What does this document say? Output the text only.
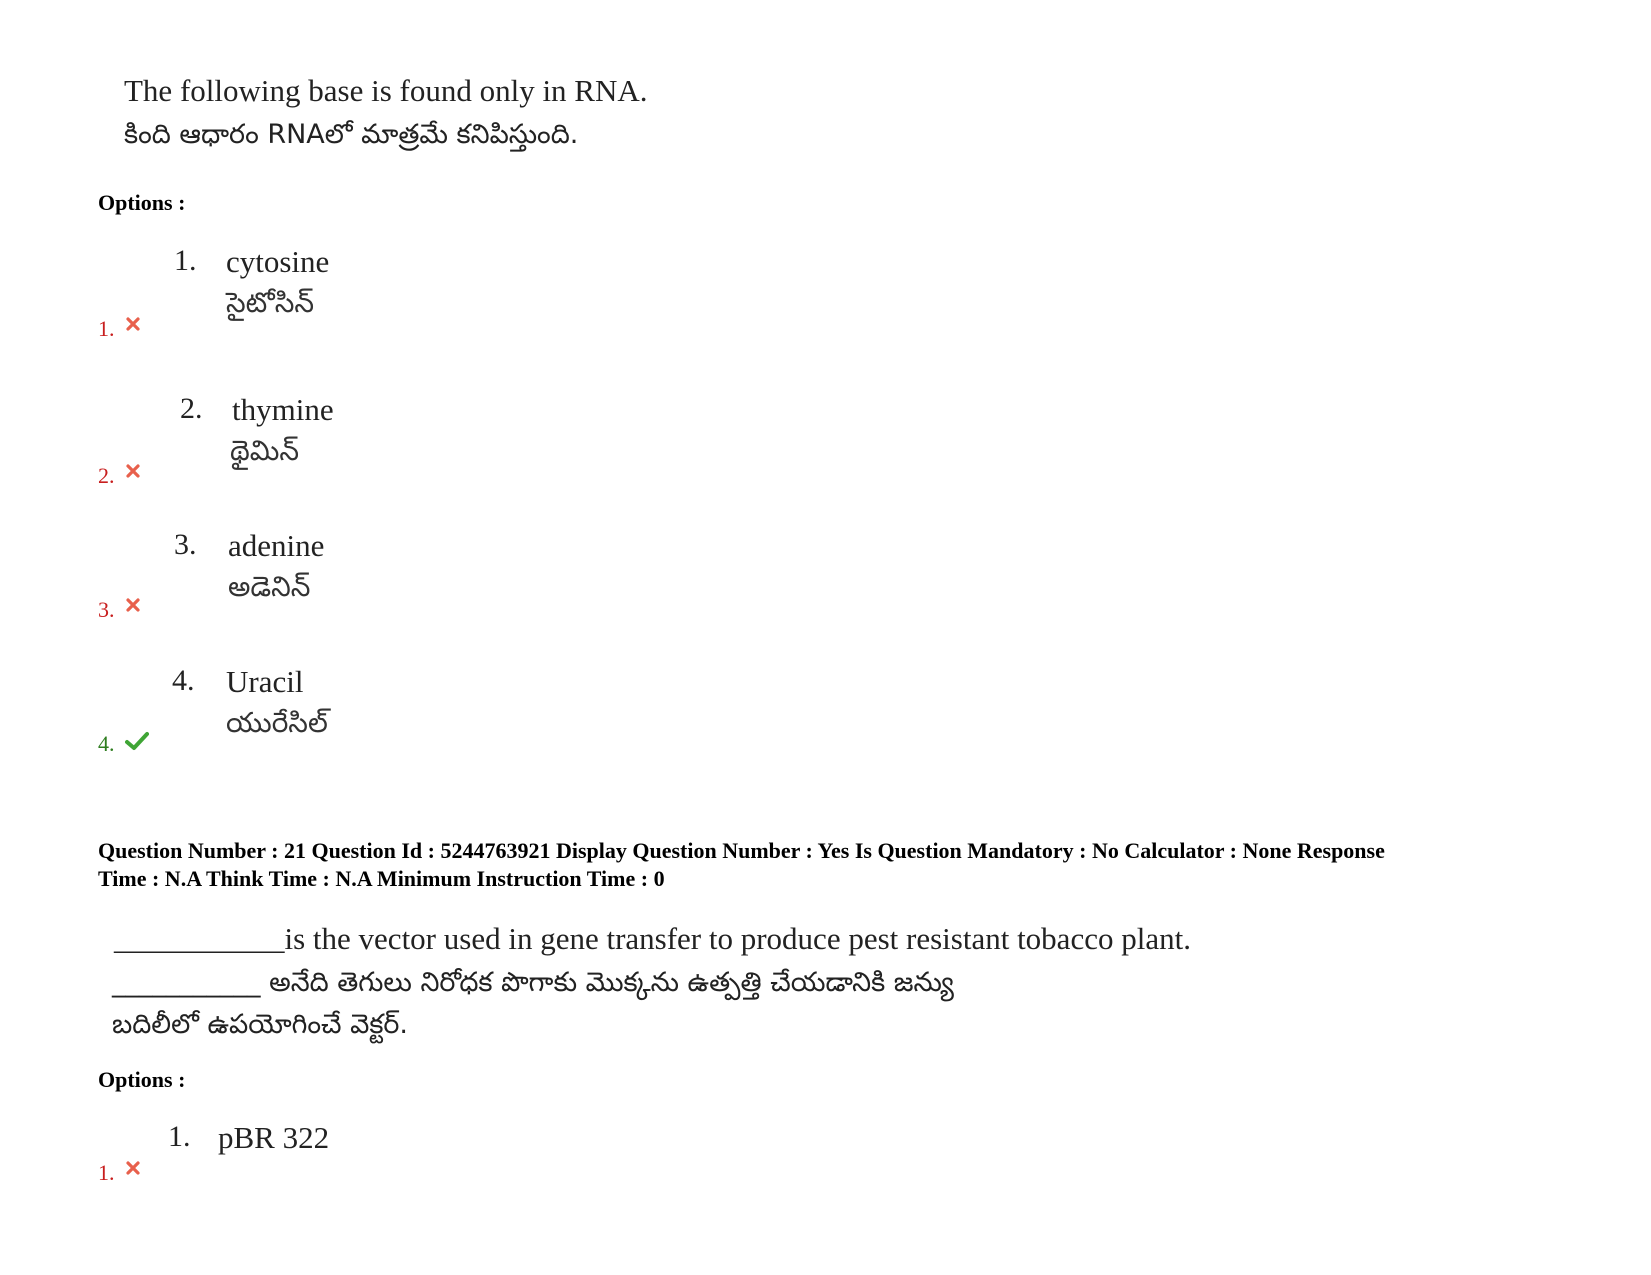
The following base is found only in RNA.
కింది ఆధారం RNAలో మాత్రమే కనిపిస్తుంది.
Options :
1. cytosine
సైటోసిన్
1.
2. thymine
థైమిన్
2.
3. adenine
అడెనిన్
3.
4. Uracil
యురేసిల్
4.
Question Number : 21 Question Id : 5244763921 Display Question Number : Yes Is Question Mandatory : No Calculator : None Response
Time : N.A Think Time : N.A Minimum Instruction Time : 0
___________is the vector used in gene transfer to produce pest resistant tobacco plant.
___________ అనేది తెగులు నిరోధక పొగాకు మొక్కను ఉత్పత్తి చేయడానికి జన్యు
బదిలీలో ఉపయోగించే వెక్టర్.
Options :
1. pBR 322
1.
